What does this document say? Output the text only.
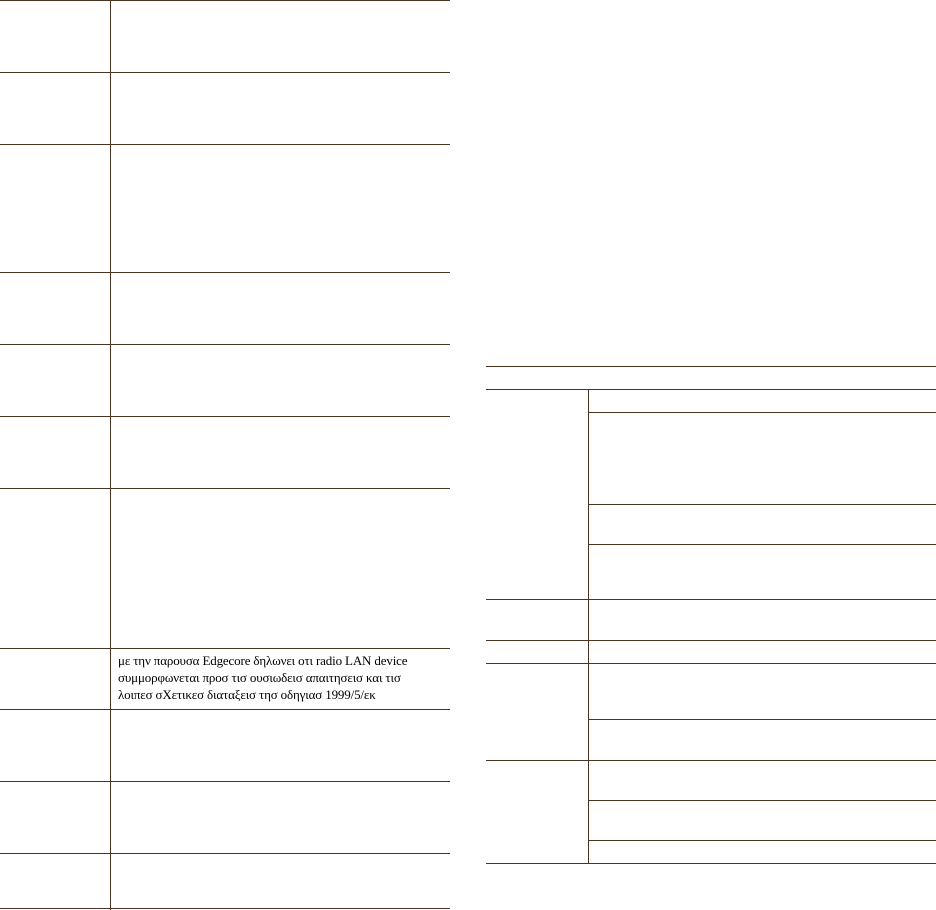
με την παρουσα Edgecore δηλωνει οτι radio LAN device
συμμορφωνεται προσ τισ ουσιωδεισ απαιτησεισ και τισ
λοιπεσ σΧετικεσ διαταξεισ τησ οδηγιασ 1999/5/εκ
